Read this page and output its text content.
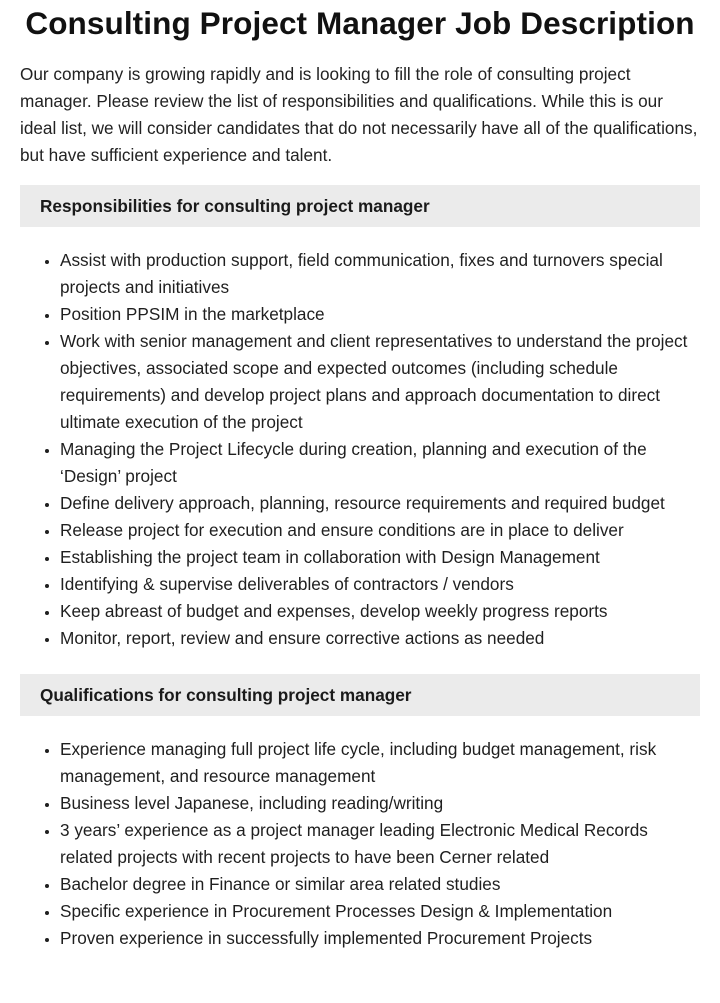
Consulting Project Manager Job Description

Our company is growing rapidly and is looking to fill the role of consulting project manager. Please review the list of responsibilities and qualifications. While this is our ideal list, we will consider candidates that do not necessarily have all of the qualifications, but have sufficient experience and talent.

Responsibilities for consulting project manager
• Assist with production support, field communication, fixes and turnovers special projects and initiatives
• Position PPSIM in the marketplace
• Work with senior management and client representatives to understand the project objectives, associated scope and expected outcomes (including schedule requirements) and develop project plans and approach documentation to direct ultimate execution of the project
• Managing the Project Lifecycle during creation, planning and execution of the ‘Design’ project
• Define delivery approach, planning, resource requirements and required budget
• Release project for execution and ensure conditions are in place to deliver
• Establishing the project team in collaboration with Design Management
• Identifying & supervise deliverables of contractors / vendors
• Keep abreast of budget and expenses, develop weekly progress reports
• Monitor, report, review and ensure corrective actions as needed
Qualifications for consulting project manager
• Experience managing full project life cycle, including budget management, risk management, and resource management
• Business level Japanese, including reading/writing
• 3 years’ experience as a project manager leading Electronic Medical Records related projects with recent projects to have been Cerner related
• Bachelor degree in Finance or similar area related studies
• Specific experience in Procurement Processes Design & Implementation
• Proven experience in successfully implemented Procurement Projects
